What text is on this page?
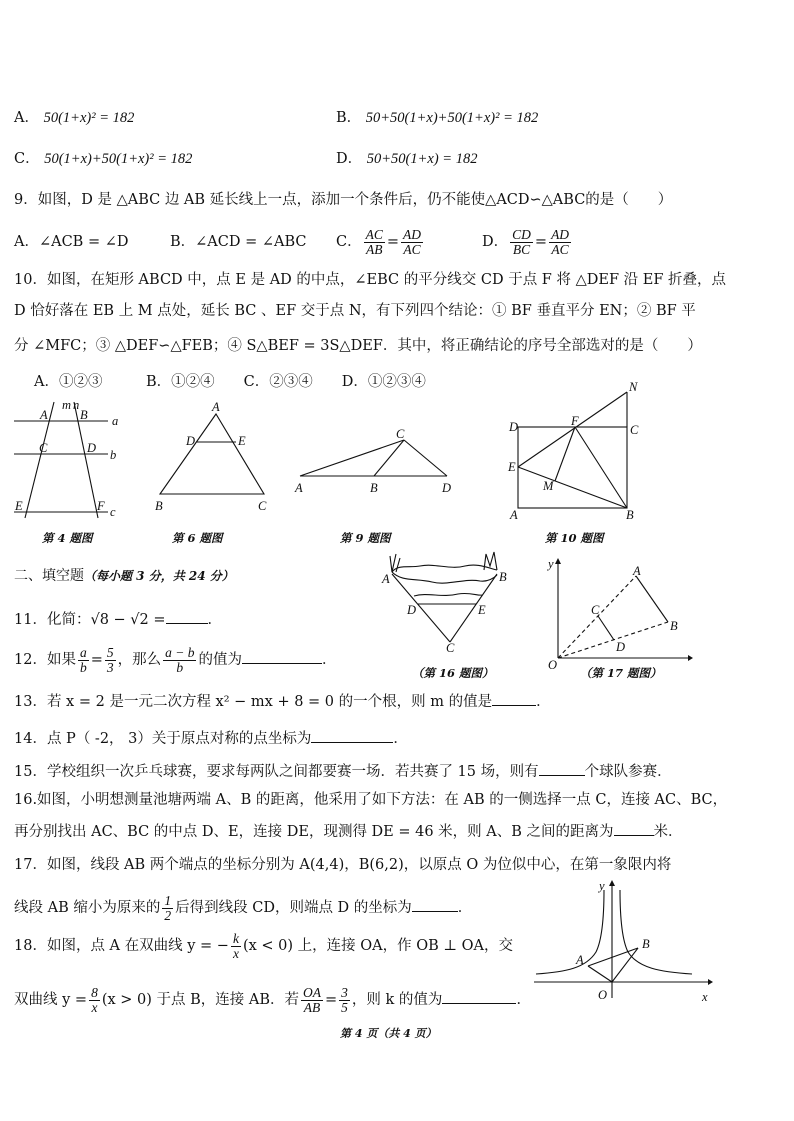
A． 50(1+x)² = 182	B． 50+50(1+x)+50(1+x)² = 182
C． 50(1+x)+50(1+x)² = 182	D． 50+50(1+x) = 182
9．如图，D 是 △ABC 边 AB 延长线上一点，添加一个条件后，仍不能使△ACD∽△ABC的是（　　）
A．∠ACB = ∠D	B．∠ACD = ∠ABC C． $\frac{AC}{AB} = \frac{AD}{AC}$	D． $\frac{CD}{BC} = \frac{AD}{AC}$
10．如图，在矩形 ABCD 中，点 E 是 AD 的中点，∠EBC 的平分线交 CD 于点 F 将 △DEF 沿 EF 折叠，点
D 恰好落在 EB 上 M 点处，延长 BC 、EF 交于点 N，有下列四个结论：① BF 垂直平分 EN；② BF 平
分 ∠MFC；③ △DEF∽△FEB；④ S△BEF = 3S△DEF．其中，将正确结论的序号全部选对的是（　　）
A．①②③　　　B．①②④　　C．②③④　　D．①②③④
m n
A	B a
C	D b
E	F c
第 4 题图
A
D	E
B	C
第 6 题图
C
A	B	D
第 9 题图
N
D	F
C
E
M
A	B
第 10 题图
二、填空题（每小题 3 分，共 24 分）
11．化简：√8 − √2 =	．
12．如果 $\frac{a}{b} = \frac{5}{3}$ ，那么 $\frac{a - b}{b}$ 的值为	．
13．若 x = 2 是一元二次方程 x² − mx + 8 = 0 的一个根，则 m 的值是	．
14．点 P（ -2， 3）关于原点对称的点坐标为	．
15．学校组织一次乒乓球赛，要求每两队之间都要赛一场．若共赛了 15 场，则有	个球队参赛．
16.如图，小明想测量池塘两端 A、B 的距离，他采用了如下方法：在 AB 的一侧选择一点 C，连接 AC、BC，
再分别找出 AC、BC 的中点 D、E，连接 DE，现测得 DE = 46 米，则 A、B 之间的距离为	米．
17．如图，线段 AB 两个端点的坐标分别为 A(4,4)，B(6,2)，以原点 O 为位似中心，在第一象限内将
线段 AB 缩小为原来的 $\frac{1}{2}$ 后得到线段 CD，则端点 D 的坐标为	．
18．如图，点 A 在双曲线 y = − $\frac{k}{x} (x < 0)$ 上，连接 OA，作 OB ⊥ OA，交
双曲线 $y = \frac{8}{x} (x > 0)$ 于点 B，连接 AB．若 $\frac{OA}{AB} = \frac{3}{5}$ ，则 k 的值为	．
A	B
D	E
C
（第 16 题图）
y	A
C
B
D
O
（第 17 题图）
y
A
B
O	x
第 4 页（共 4 页）
